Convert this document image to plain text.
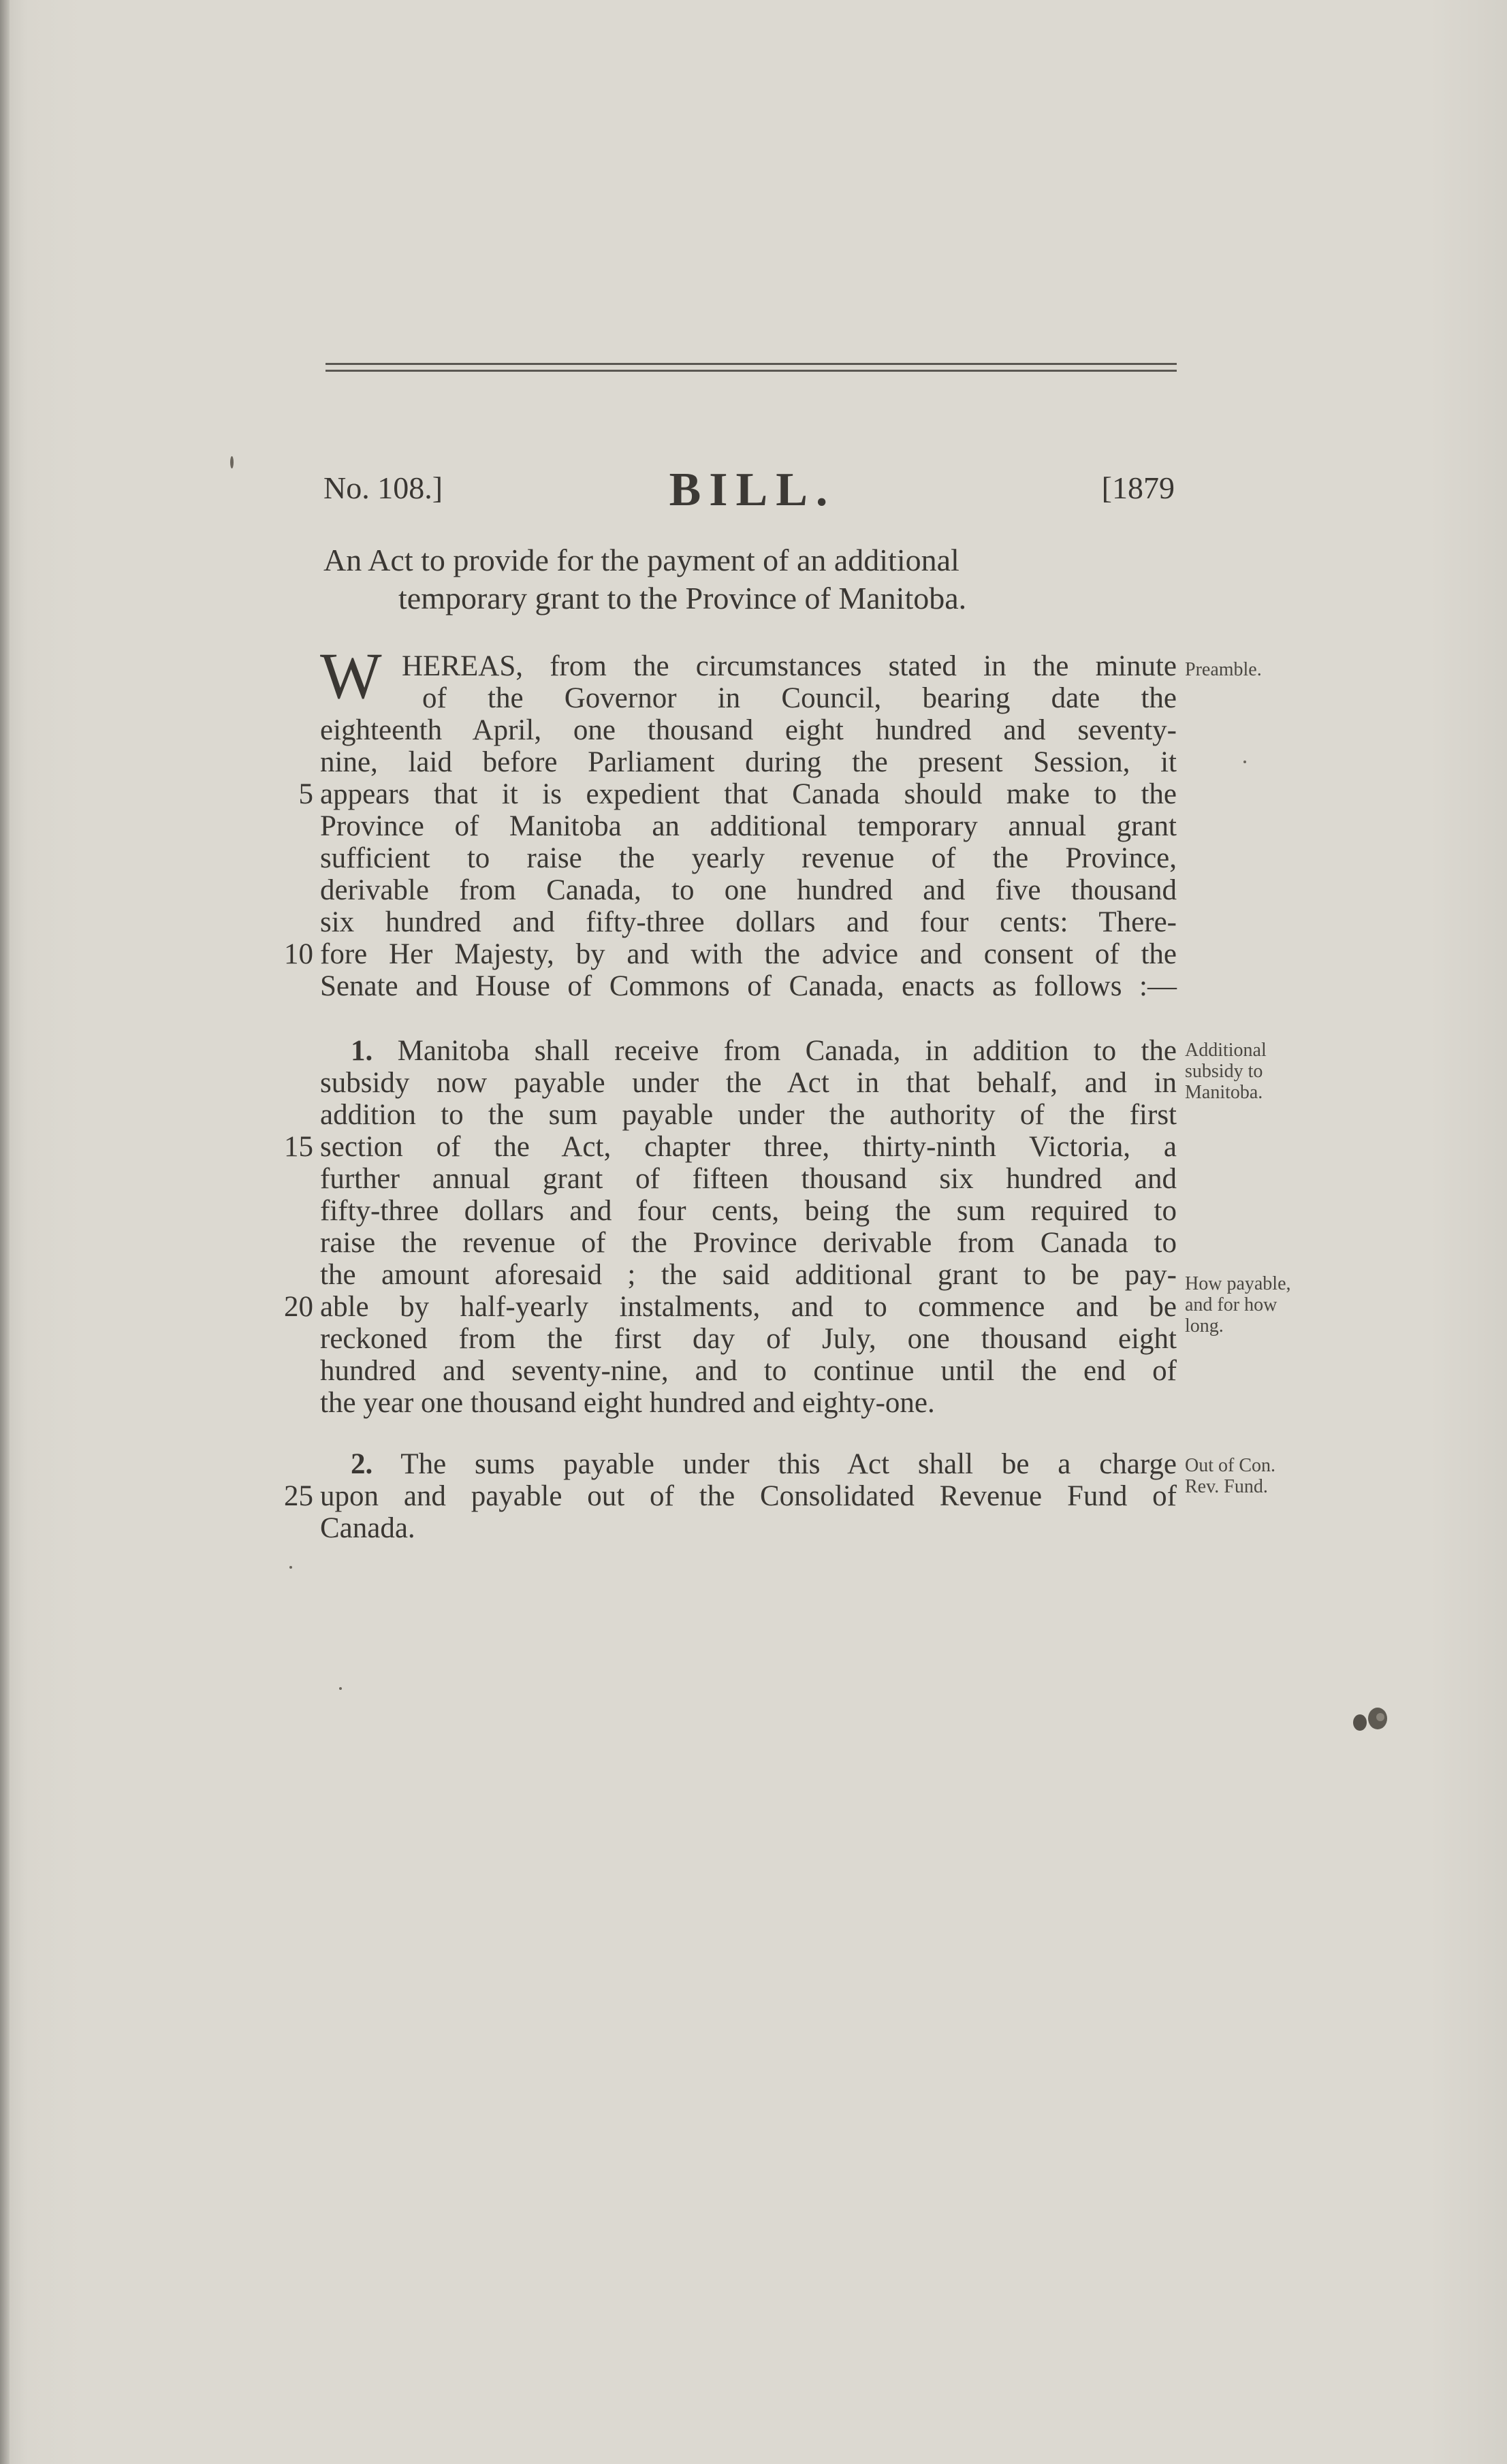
No. 108.]	BILL.	[1879
An Act to provide for the payment of an additional
temporary grant to the Province of Manitoba.
W HEREAS, from the circumstances stated in the minute
of the Governor in Council, bearing date the
eighteenth April, one thousand eight hundred and seventy-
nine, laid before Parliament during the present Session, it
appears that it is expedient that Canada should make to the
Province of Manitoba an additional temporary annual grant
sufficient to raise the yearly revenue of the Province,
derivable from Canada, to one hundred and five thousand
six hundred and fifty-three dollars and four cents: There-
fore Her Majesty, by and with the advice and consent of the
Senate and House of Commons of Canada, enacts as follows :—
1. Manitoba shall receive from Canada, in addition to the
subsidy now payable under the Act in that behalf, and in
addition to the sum payable under the authority of the first
section of the Act, chapter three, thirty-ninth Victoria, a
further annual grant of fifteen thousand six hundred and
fifty-three dollars and four cents, being the sum required to
raise the revenue of the Province derivable from Canada to
the amount aforesaid ; the said additional grant to be pay-
able by half-yearly instalments, and to commence and be
reckoned from the first day of July, one thousand eight
hundred and seventy-nine, and to continue until the end of
the year one thousand eight hundred and eighty-one.
2. The sums payable under this Act shall be a charge
upon and payable out of the Consolidated Revenue Fund of
Canada.
5
10
15
20
25
Preamble.
Additional
subsidy to
Manitoba.
How payable,
and for how
long.
Out of Con.
Rev. Fund.
